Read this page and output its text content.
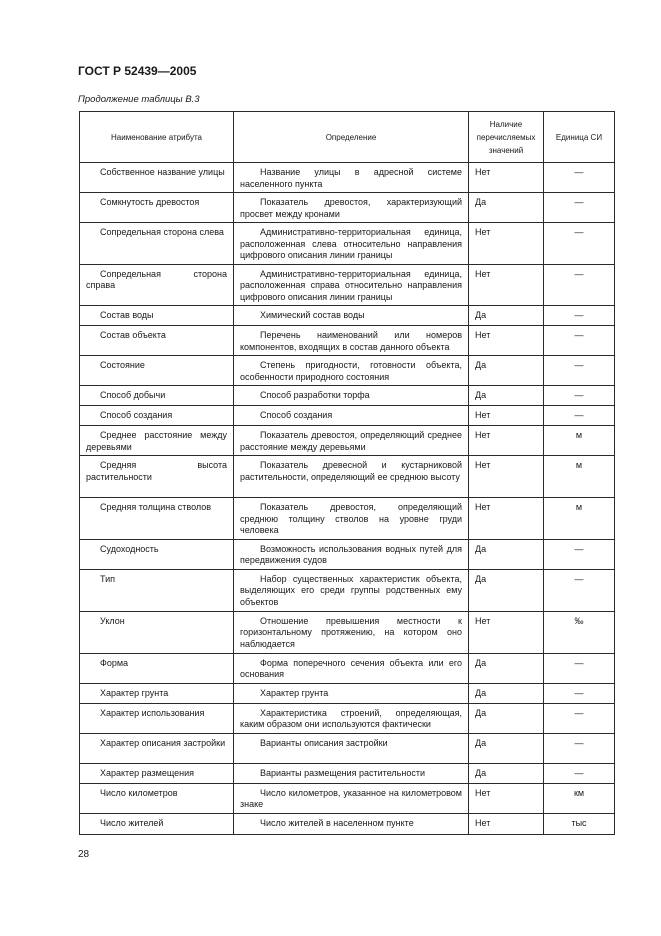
ГОСТ Р 52439—2005
Продолжение таблицы В.3
Наименование атрибута	Определение	Наличие перечисляемых значений	Единица СИ
Собственное название улицы	Название улицы в адресной системе населенного пункта	Нет	—
Сомкнутость древостоя	Показатель древостоя, характеризующий просвет между кронами	Да	—
Сопредельная сторона слева	Административно-территориальная единица, расположенная слева относительно направления цифрового описания линии границы	Нет	—
Сопредельная сторона справа	Административно-территориальная единица, расположенная справа относительно направления цифрового описания линии границы	Нет	—
Состав воды	Химический состав воды	Да	—
Состав объекта	Перечень наименований или номеров компонентов, входящих в состав данного объекта	Нет	—
Состояние	Степень пригодности, готовности объекта, особенности природного состояния	Да	—
Способ добычи	Способ разработки торфа	Да	—
Способ создания	Способ создания	Нет	—
Среднее расстояние между деревьями	Показатель древостоя, определяющий среднее расстояние между деревьями	Нет	м
Средняя высота растительности	Показатель древесной и кустарниковой растительности, определяющий ее среднюю высоту	Нет	м
Средняя толщина стволов	Показатель древостоя, определяющий среднюю толщину стволов на уровне груди человека	Нет	м
Судоходность	Возможность использования водных путей для передвижения судов	Да	—
Тип	Набор существенных характеристик объекта, выделяющих его среди группы родственных ему объектов	Да	—
Уклон	Отношение превышения местности к горизонтальному протяжению, на котором оно наблюдается	Нет	‰
Форма	Форма поперечного сечения объекта или его основания	Да	—
Характер грунта	Характер грунта	Да	—
Характер использования	Характеристика строений, определяющая, каким образом они используются фактически	Да	—
Характер описания застройки	Варианты описания застройки	Да	—
Характер размещения	Варианты размещения растительности	Да	—
Число километров	Число километров, указанное на километровом знаке	Нет	км
Число жителей	Число жителей в населенном пункте	Нет	тыс
28
